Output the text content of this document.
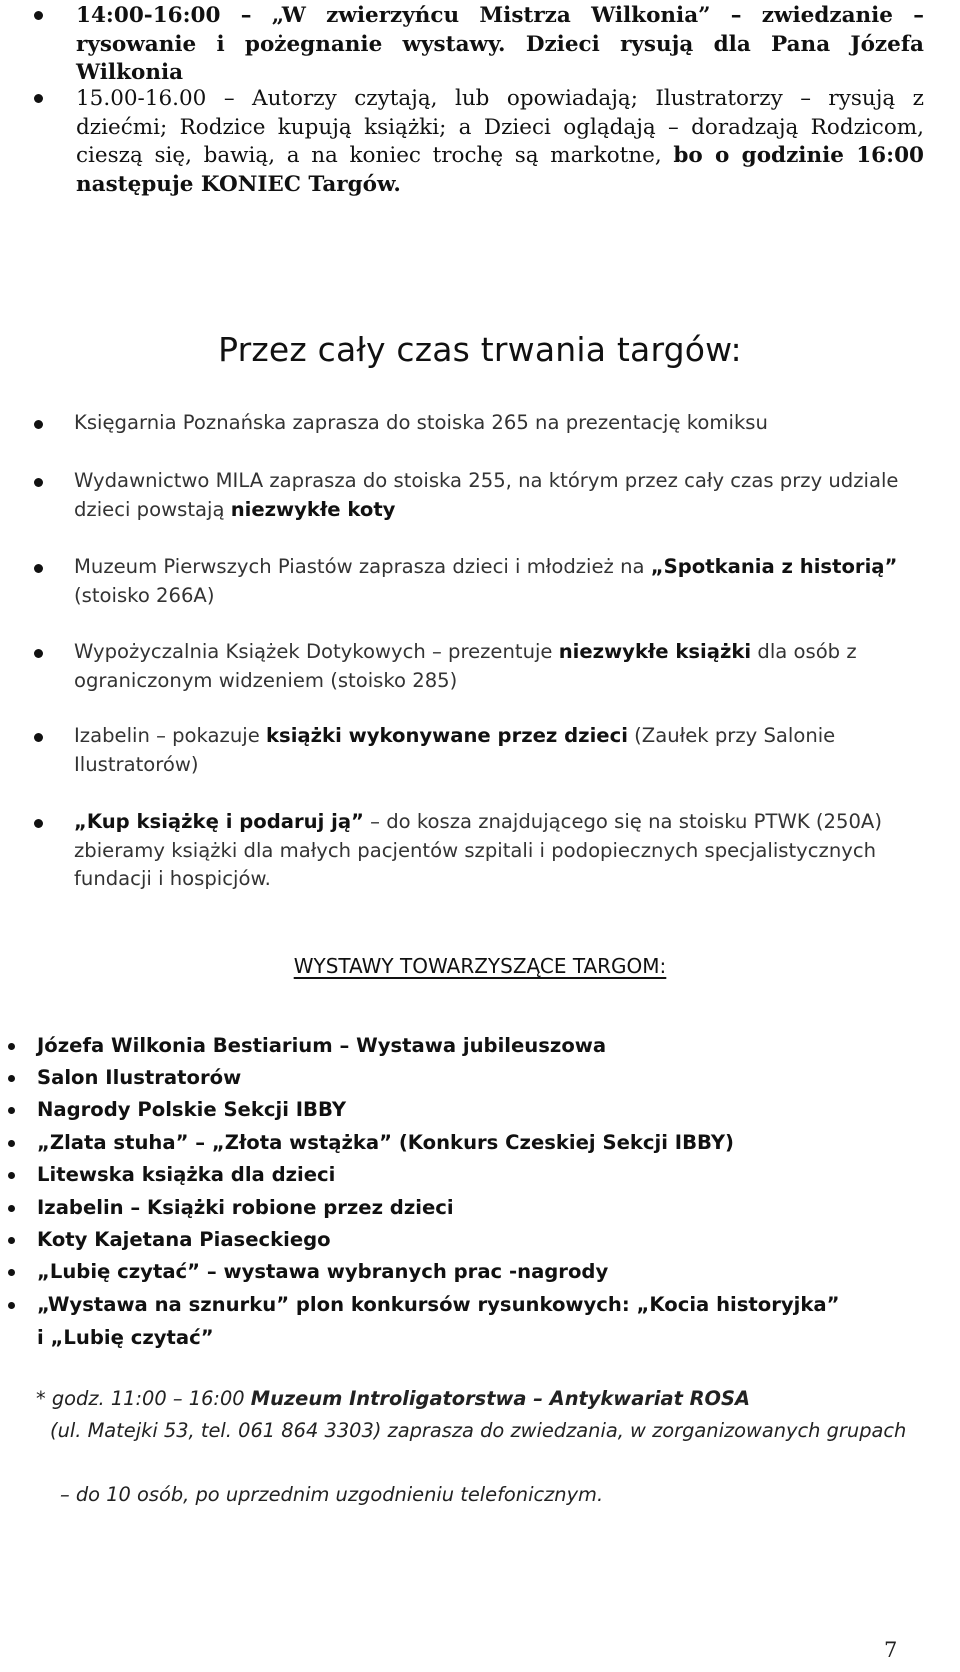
14:00-16:00 – „W zwierzyńcu Mistrza Wilkonia” – zwiedzanie – rysowanie i pożegnanie wystawy. Dzieci rysują dla Pana Józefa Wilkonia
15.00-16.00 – Autorzy czytają, lub opowiadają; Ilustratorzy – rysują z dziećmi; Rodzice kupują książki; a Dzieci oglądają – doradzają Rodzicom, cieszą się, bawią, a na koniec trochę są markotne, bo o godzinie 16:00 następuje KONIEC Targów.
Przez cały czas trwania targów:
Księgarnia Poznańska zaprasza do stoiska 265 na prezentację komiksu
Wydawnictwo MILA zaprasza do stoiska 255, na którym przez cały czas przy udziale dzieci powstają niezwykłe koty
Muzeum Pierwszych Piastów zaprasza dzieci i młodzież na „Spotkania z historią” (stoisko 266A)
Wypożyczalnia Książek Dotykowych – prezentuje niezwykłe książki dla osób z ograniczonym widzeniem (stoisko 285)
Izabelin – pokazuje książki wykonywane przez dzieci (Zaułek przy Salonie Ilustratorów)
„Kup książkę i podaruj ją” – do kosza znajdującego się na stoisku PTWK (250A) zbieramy książki dla małych pacjentów szpitali i podopiecznych specjalistycznych fundacji i hospicjów.
WYSTAWY TOWARZYSZĄCE TARGOM:
Józefa Wilkonia Bestiarium – Wystawa jubileuszowa
Salon Ilustratorów
Nagrody Polskie Sekcji IBBY
„Zlata stuha” – „Złota wstążka” (Konkurs Czeskiej Sekcji IBBY)
Litewska książka dla dzieci
Izabelin – Książki robione przez dzieci
Koty Kajetana Piaseckiego
„Lubię czytać” – wystawa wybranych prac -nagrody
„Wystawa na sznurku” plon konkursów rysunkowych: „Kocia historyjka” i „Lubię czytać”
* godz. 11:00 – 16:00 Muzeum Introligatorstwa – Antykwariat ROSA
(ul. Matejki 53, tel. 061 864 3303) zaprasza do zwiedzania, w zorganizowanych grupach
– do 10 osób, po uprzednim uzgodnieniu telefonicznym.
7
